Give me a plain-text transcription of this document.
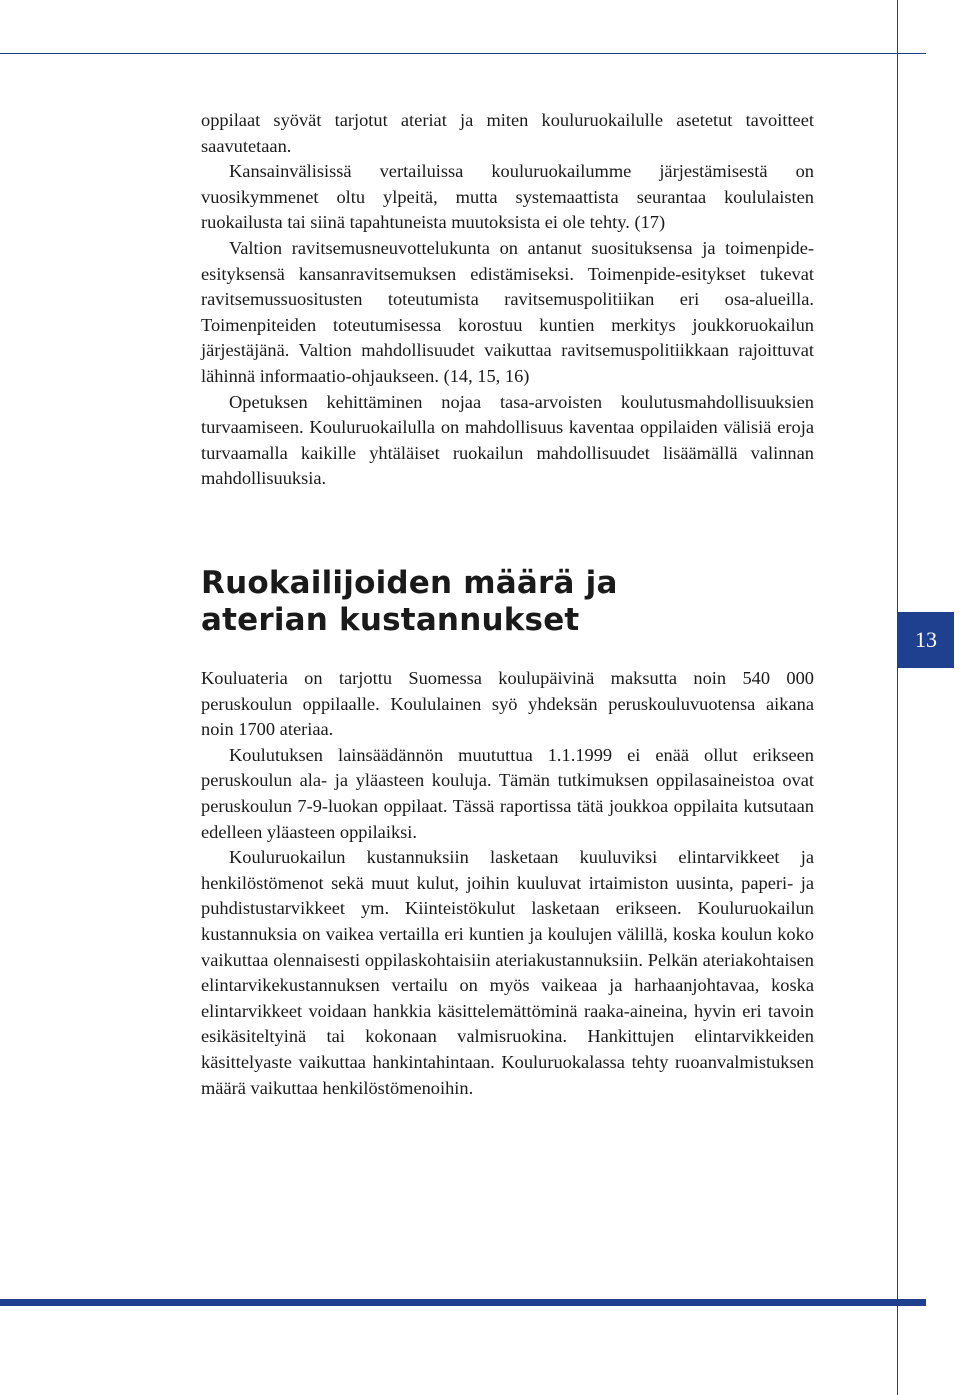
13

oppilaat syövät tarjotut ateriat ja miten kouluruokailulle asetetut tavoitteet saavutetaan.

Kansainvälisissä vertailuissa kouluruokailumme järjestämisestä on vuosikymmenet oltu ylpeitä, mutta systemaattista seurantaa koululaisten ruokailusta tai siinä tapahtuneista muutoksista ei ole tehty. (17)

Valtion ravitsemusneuvottelukunta on antanut suosituksensa ja toimenpide-esityksensä kansanravitsemuksen edistämiseksi. Toimenpide-esitykset tukevat ravitsemussuositusten toteutumista ravitsemuspolitiikan eri osa-alueilla. Toimenpiteiden toteutumisessa korostuu kuntien merkitys joukkoruokailun järjestäjänä. Valtion mahdollisuudet vaikuttaa ravitsemuspolitiikkaan rajoittuvat lähinnä informaatio-ohjaukseen. (14, 15, 16)

Opetuksen kehittäminen nojaa tasa-arvoisten koulutusmahdollisuuksien turvaamiseen. Kouluruokailulla on mahdollisuus kaventaa oppilaiden välisiä eroja turvaamalla kaikille yhtäläiset ruokailun mahdollisuudet lisäämällä valinnan mahdollisuuksia.

Ruokailijoiden määrä ja
aterian kustannukset

Kouluateria on tarjottu Suomessa koulupäivinä maksutta noin 540 000 peruskoulun oppilaalle. Koululainen syö yhdeksän peruskouluvuotensa aikana noin 1700 ateriaa.

Koulutuksen lainsäädännön muututtua 1.1.1999 ei enää ollut erikseen peruskoulun ala- ja yläasteen kouluja. Tämän tutkimuksen oppilasaineistoa ovat peruskoulun 7-9-luokan oppilaat. Tässä raportissa tätä joukkoa oppilaita kutsutaan edelleen yläasteen oppilaiksi.

Kouluruokailun kustannuksiin lasketaan kuuluviksi elintarvikkeet ja henkilöstömenot sekä muut kulut, joihin kuuluvat irtaimiston uusinta, paperi- ja puhdistustarvikkeet ym. Kiinteistökulut lasketaan erikseen. Kouluruokailun kustannuksia on vaikea vertailla eri kuntien ja koulujen välillä, koska koulun koko vaikuttaa olennaisesti oppilaskohtaisiin ateriakustannuksiin. Pelkän ateriakohtaisen elintarvikekustannuksen vertailu on myös vaikeaa ja harhaanjohtavaa, koska elintarvikkeet voidaan hankkia käsittelemättöminä raaka-aineina, hyvin eri tavoin esikäsiteltyinä tai kokonaan valmisruokina. Hankittujen elintarvikkeiden käsittelyaste vaikuttaa hankintahintaan. Kouluruokalassa tehty ruoanvalmistuksen määrä vaikuttaa henkilöstömenoihin.
